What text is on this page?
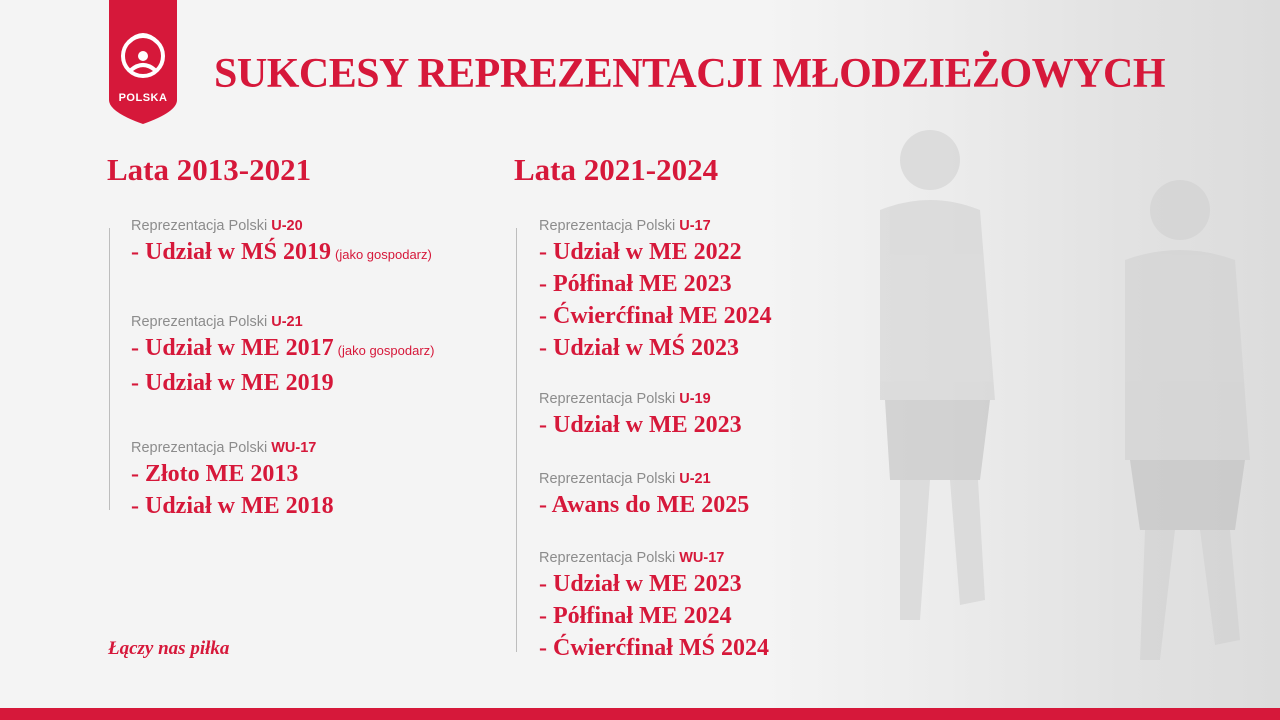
POLSKA
SUKCESY REPREZENTACJI MŁODZIEŻOWYCH
Lata 2013-2021
Reprezentacja Polski U-20
- Udział w MŚ 2019 (jako gospodarz)
Reprezentacja Polski U-21
- Udział w ME 2017 (jako gospodarz)
- Udział w ME 2019
Reprezentacja Polski WU-17
- Złoto ME 2013
- Udział w ME 2018
Lata 2021-2024
Reprezentacja Polski U-17
- Udział w ME 2022
- Półfinał ME 2023
- Ćwierćfinał ME 2024
- Udział w MŚ 2023
Reprezentacja Polski U-19
- Udział w ME 2023
Reprezentacja Polski U-21
- Awans do ME 2025
Reprezentacja Polski WU-17
- Udział w ME 2023
- Półfinał ME 2024
- Ćwierćfinał MŚ 2024
Łączy nas piłka
